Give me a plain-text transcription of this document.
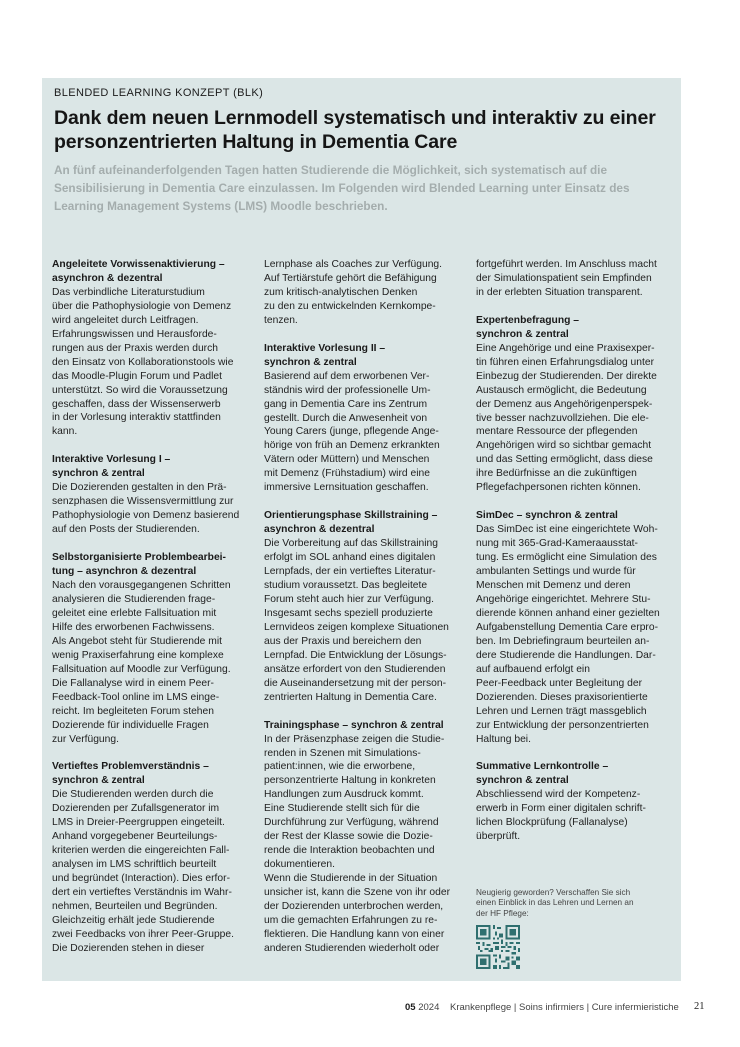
BLENDED LEARNING KONZEPT (BLK)

Dank dem neuen Lernmodell systematisch und interaktiv zu einer personzentrierten Haltung in Dementia Care

An fünf aufeinanderfolgenden Tagen hatten Studierende die Möglichkeit, sich systematisch auf die
Sensibilisierung in Dementia Care einzulassen. Im Folgenden wird Blended Learning unter Einsatz des
Learning Management Systems (LMS) Moodle beschrieben.

Angeleitete Vorwissenaktivierung –
asynchron & dezentral

Das verbindliche Literaturstudium
über die Pathophysiologie von Demenz
wird angeleitet durch Leitfragen.
Erfahrungswissen und Herausforde-
rungen aus der Praxis werden durch
den Einsatz von Kollaborationstools wie
das Moodle-Plugin Forum und Padlet
unterstützt. So wird die Voraussetzung
geschaffen, dass der Wissenserwerb
in der Vorlesung interaktiv stattfinden
kann.

Interaktive Vorlesung I –
synchron & zentral

Die Dozierenden gestalten in den Prä-
senzphasen die Wissensvermittlung zur
Pathophysiologie von Demenz basierend
auf den Posts der Studierenden.

Selbstorganisierte Problembearbei-
tung – asynchron & dezentral

Nach den vorausgegangenen Schritten
analysieren die Studierenden frage-
geleitet eine erlebte Fallsituation mit
Hilfe des erworbenen Fachwissens.
Als Angebot steht für Studierende mit
wenig Praxiserfahrung eine komplexe
Fallsituation auf Moodle zur Verfügung.
Die Fallanalyse wird in einem Peer-
Feedback-Tool online im LMS einge-
reicht. Im begleiteten Forum stehen
Dozierende für individuelle Fragen
zur Verfügung.

Vertieftes Problemverständnis –
synchron & zentral

Die Studierenden werden durch die
Dozierenden per Zufallsgenerator im
LMS in Dreier-Peergruppen eingeteilt.
Anhand vorgegebener Beurteilungs-
kriterien werden die eingereichten Fall-
analysen im LMS schriftlich beurteilt
und begründet (Interaction). Dies erfor-
dert ein vertieftes Verständnis im Wahr-
nehmen, Beurteilen und Begründen.
Gleichzeitig erhält jede Studierende
zwei Feedbacks von ihrer Peer-Gruppe.
Die Dozierenden stehen in dieser

Lernphase als Coaches zur Verfügung.
Auf Tertiärstufe gehört die Befähigung
zum kritisch-analytischen Denken
zu den zu entwickelnden Kernkompe-
tenzen.

Interaktive Vorlesung II –
synchron & zentral

Basierend auf dem erworbenen Ver-
ständnis wird der professionelle Um-
gang in Dementia Care ins Zentrum
gestellt. Durch die Anwesenheit von
Young Carers (junge, pflegende Ange-
hörige von früh an Demenz erkrankten
Vätern oder Müttern) und Menschen
mit Demenz (Frühstadium) wird eine
immersive Lernsituation geschaffen.

Orientierungsphase Skillstraining –
asynchron & dezentral

Die Vorbereitung auf das Skillstraining
erfolgt im SOL anhand eines digitalen
Lernpfads, der ein vertieftes Literatur-
studium voraussetzt. Das begleitete
Forum steht auch hier zur Verfügung.
Insgesamt sechs speziell produzierte
Lernvideos zeigen komplexe Situationen
aus der Praxis und bereichern den
Lernpfad. Die Entwicklung der Lösungs-
ansätze erfordert von den Studierenden
die Auseinandersetzung mit der person-
zentrierten Haltung in Dementia Care.

Trainingsphase – synchron & zentral

In der Präsenzphase zeigen die Studie-
renden in Szenen mit Simulations-
patient:innen, wie die erworbene,
personzentrierte Haltung in konkreten
Handlungen zum Ausdruck kommt.
Eine Studierende stellt sich für die
Durchführung zur Verfügung, während
der Rest der Klasse sowie die Dozie-
rende die Interaktion beobachten und
dokumentieren.
Wenn die Studierende in der Situation
unsicher ist, kann die Szene von ihr oder
der Dozierenden unterbrochen werden,
um die gemachten Erfahrungen zu re-
flektieren. Die Handlung kann von einer
anderen Studierenden wiederholt oder

fortgeführt werden. Im Anschluss macht
der Simulationspatient sein Empfinden
in der erlebten Situation transparent.

Expertenbefragung –
synchron & zentral

Eine Angehörige und eine Praxisexper-
tin führen einen Erfahrungsdialog unter
Einbezug der Studierenden. Der direkte
Austausch ermöglicht, die Bedeutung
der Demenz aus Angehörigenperspek-
tive besser nachzuvollziehen. Die ele-
mentare Ressource der pflegenden
Angehörigen wird so sichtbar gemacht
und das Setting ermöglicht, dass diese
ihre Bedürfnisse an die zukünftigen
Pflegefachpersonen richten können.

SimDec – synchron & zentral

Das SimDec ist eine eingerichtete Woh-
nung mit 365-Grad-Kameraausstat-
tung. Es ermöglicht eine Simulation des
ambulanten Settings und wurde für
Menschen mit Demenz und deren
Angehörige eingerichtet. Mehrere Stu-
dierende können anhand einer gezielten
Aufgabenstellung Dementia Care erpro-
ben. Im Debriefingraum beurteilen an-
dere Studierende die Handlungen. Dar-
auf aufbauend erfolgt ein
Peer-Feedback unter Begleitung der
Dozierenden. Dieses praxisorientierte
Lehren und Lernen trägt massgeblich
zur Entwicklung der personzentrierten
Haltung bei.

Summative Lernkontrolle –
synchron & zentral

Abschliessend wird der Kompetenz-
erwerb in Form einer digitalen schrift-
lichen Blockprüfung (Fallanalyse)
überprüft.

Neugierig geworden? Verschaffen Sie sich
einen Einblick in das Lehren und Lernen an
der HF Pflege:

05 2024 Krankenpflege | Soins infirmiers | Cure infermieristiche 21
